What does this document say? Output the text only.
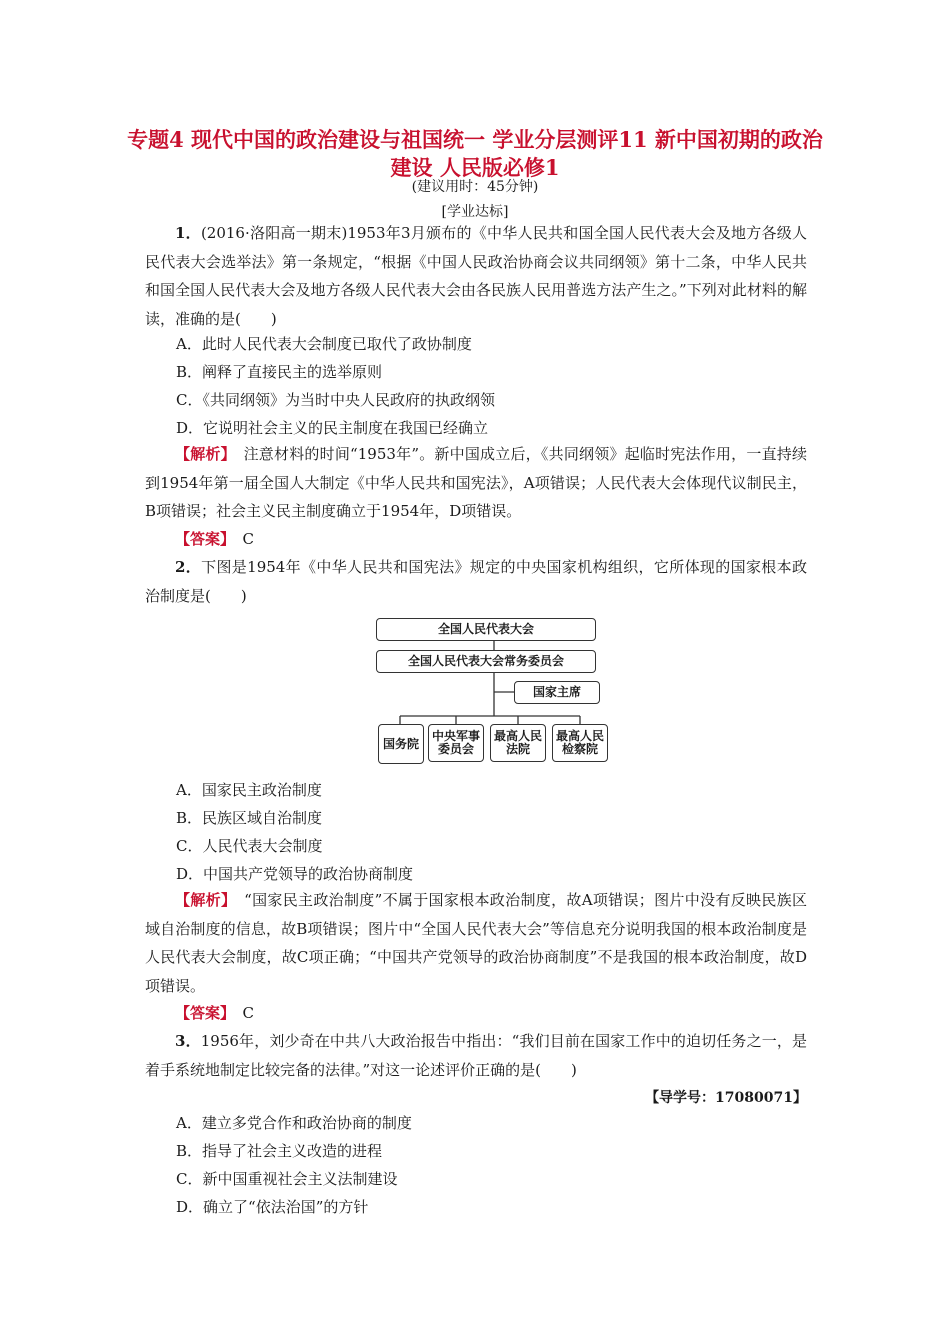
专题4 现代中国的政治建设与祖国统一 学业分层测评11 新中国初期的政治建设 人民版必修1
(建议用时：45分钟)
[学业达标]
1．(2016·洛阳高一期末)1953年3月颁布的《中华人民共和国全国人民代表大会及地方各级人民代表大会选举法》第一条规定，“根据《中国人民政治协商会议共同纲领》第十二条，中华人民共和国全国人民代表大会及地方各级人民代表大会由各民族人民用普选方法产生之。”下列对此材料的解读，准确的是(　　)
A．此时人民代表大会制度已取代了政协制度
B．阐释了直接民主的选举原则
C．《共同纲领》为当时中央人民政府的执政纲领
D．它说明社会主义的民主制度在我国已经确立
【解析】　 注意材料的时间“1953年”。新中国成立后，《共同纲领》起临时宪法作用，一直持续到1954年第一届全国人大制定《中华人民共和国宪法》，A项错误；人民代表大会体现代议制民主，B项错误；社会主义民主制度确立于1954年，D项错误。
【答案】　 C
2．下图是1954年《中华人民共和国宪法》规定的中央国家机构组织，它所体现的国家根本政治制度是(　　)
全国人民代表大会
全国人民代表大会常务委员会
国家主席
国务院
中央军事委员会
最高人民法院
最高人民检察院
A．国家民主政治制度
B．民族区域自治制度
C．人民代表大会制度
D．中国共产党领导的政治协商制度
【解析】　 “国家民主政治制度”不属于国家根本政治制度，故A项错误；图片中没有反映民族区域自治制度的信息，故B项错误；图片中“全国人民代表大会”等信息充分说明我国的根本政治制度是人民代表大会制度，故C项正确；“中国共产党领导的政治协商制度”不是我国的根本政治制度，故D项错误。
【答案】　 C
3．1956年，刘少奇在中共八大政治报告中指出：“我们目前在国家工作中的迫切任务之一，是着手系统地制定比较完备的法律。”对这一论述评价正确的是(　　)
【导学号：17080071】
A．建立多党合作和政治协商的制度
B．指导了社会主义改造的进程
C．新中国重视社会主义法制建设
D．确立了“依法治国”的方针
